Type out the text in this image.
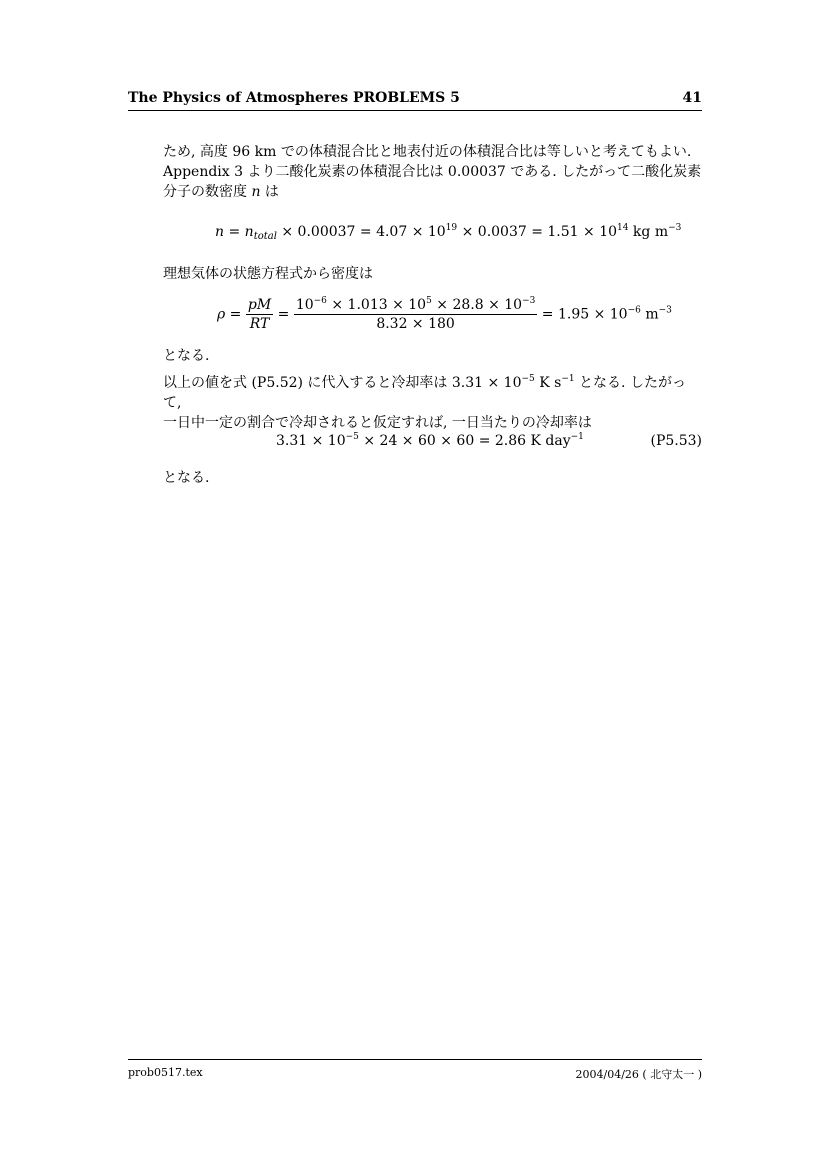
The Physics of Atmospheres PROBLEMS 5	41
ため, 高度 96 km での体積混合比と地表付近の体積混合比は等しいと考えてもよい.
Appendix 3 より二酸化炭素の体積混合比は 0.00037 である. したがって二酸化炭素
分子の数密度 n は
$n = n_{total} \times 0.00037 = 4.07 \times 10^{19} \times 0.0037 = 1.51 \times 10^{14}$ kg $m^{-3}$
理想気体の状態方程式から密度は
$\rho = \frac{pM}{RT} = \frac{10^{-6} \times 1.013 \times 10^5 \times 28.8 \times 10^{-3}}{8.32 \times 180} = 1.95 \times 10^{-6}$ $m^{-3}$
となる.
以上の値を式 (P5.52) に代入すると冷却率は $3.31 \times 10^{-5}$ K $s^{-1}$ となる. したがって,
一日中一定の割合で冷却されると仮定すれば, 一日当たりの冷却率は
$3.31 \times 10^{-5} \times 24 \times 60 \times 60 = 2.86$ K day$^{-1}$	(P5.53)
となる.
prob0517.tex	2004/04/26 ( 北守太一 )
